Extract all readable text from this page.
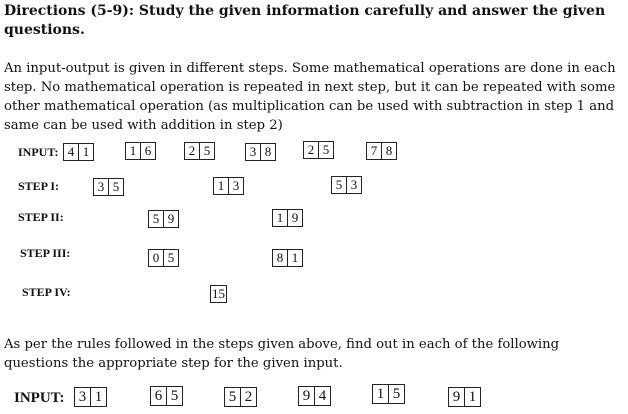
Directions (5-9): Study the given information carefully and answer the given questions.
An input-output is given in different steps. Some mathematical operations are done in each step. No mathematical operation is repeated in next step, but it can be repeated with some other mathematical operation (as multiplication can be used with subtraction in step 1 and same can be used with addition in step 2)
INPUT: 4 1	1 6	2 5	3 8	2 5	7 8
STEP I:	3 5	1 3	5 3
STEP II:	5 9	1 9
STEP III:	0 5	8 1
STEP IV:	15
As per the rules followed in the steps given above, find out in each of the following questions the appropriate step for the given input.
INPUT: 3 1	6 5	5 2	9 4	1 5	9 1
